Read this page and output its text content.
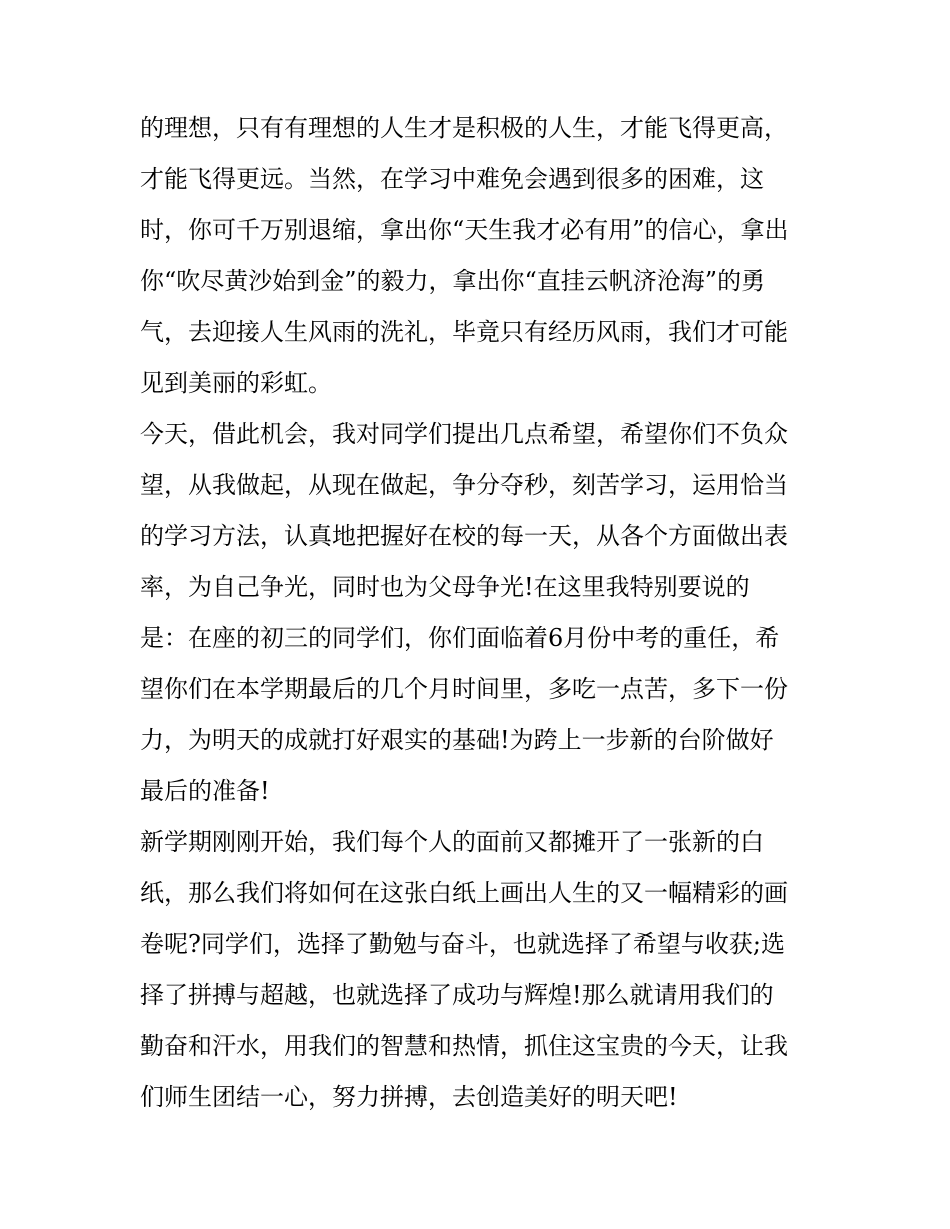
的理想，只有有理想的人生才是积极的人生，才能飞得更高，
才能飞得更远。当然，在学习中难免会遇到很多的困难，这
时，你可千万别退缩，拿出你“天生我才必有用”的信心，拿出
你“吹尽黄沙始到金”的毅力，拿出你“直挂云帆济沧海”的勇
气，去迎接人生风雨的洗礼，毕竟只有经历风雨，我们才可能
见到美丽的彩虹。
今天，借此机会，我对同学们提出几点希望，希望你们不负众
望，从我做起，从现在做起，争分夺秒，刻苦学习，运用恰当
的学习方法，认真地把握好在校的每一天，从各个方面做出表
率，为自己争光，同时也为父母争光!在这里我特别要说的
是：在座的初三的同学们，你们面临着6月份中考的重任，希
望你们在本学期最后的几个月时间里，多吃一点苦，多下一份
力，为明天的成就打好艰实的基础!为跨上一步新的台阶做好
最后的准备!
新学期刚刚开始，我们每个人的面前又都摊开了一张新的白
纸，那么我们将如何在这张白纸上画出人生的又一幅精彩的画
卷呢?同学们，选择了勤勉与奋斗，也就选择了希望与收获;选
择了拼搏与超越，也就选择了成功与辉煌!那么就请用我们的
勤奋和汗水，用我们的智慧和热情，抓住这宝贵的今天，让我
们师生团结一心，努力拼搏，去创造美好的明天吧!
